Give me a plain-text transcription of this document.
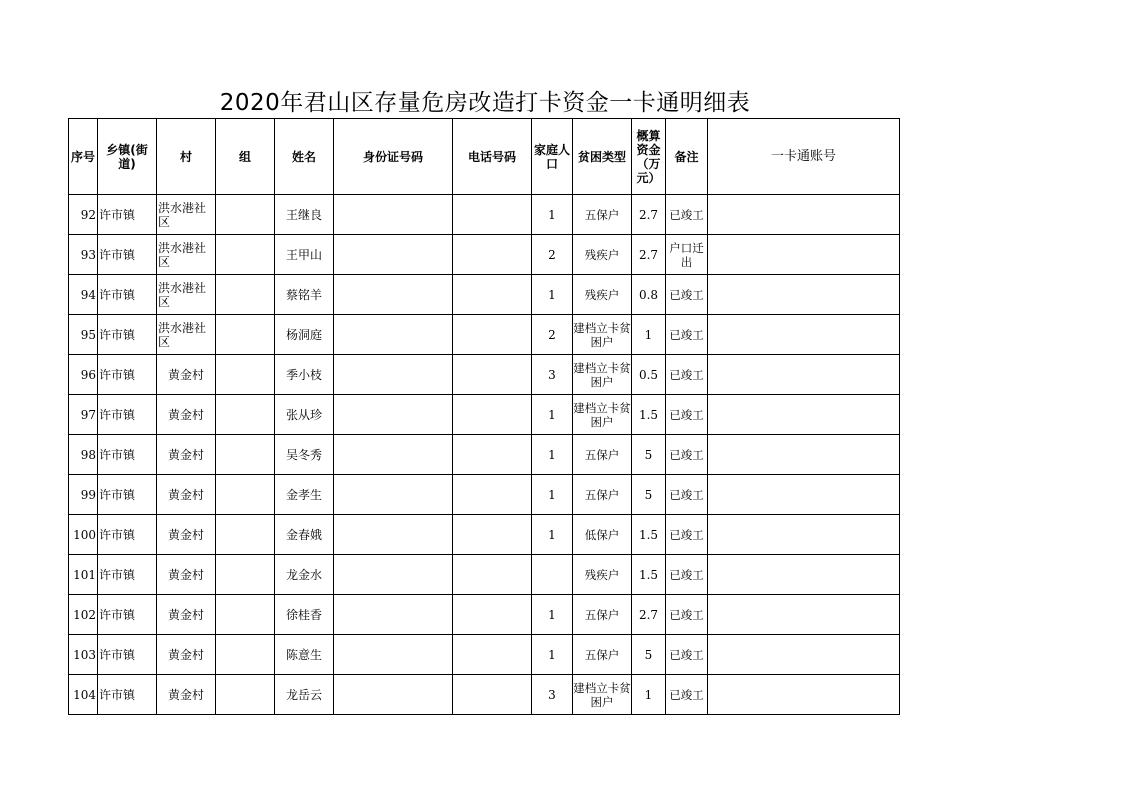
2020年君山区存量危房改造打卡资金一卡通明细表
序号	乡镇(街道)	村	组	姓名	身份证号码	电话号码	家庭人口	贫困类型	概算资金（万元）	备注	一卡通账号
92	许市镇	洪水港社区		王继良			1	五保户	2.7	已竣工	
93	许市镇	洪水港社区		王甲山			2	残疾户	2.7	户口迁出	
94	许市镇	洪水港社区		蔡铭羊			1	残疾户	0.8	已竣工	
95	许市镇	洪水港社区		杨洞庭			2	建档立卡贫困户	1	已竣工	
96	许市镇	黄金村		季小枝			3	建档立卡贫困户	0.5	已竣工	
97	许市镇	黄金村		张从珍			1	建档立卡贫困户	1.5	已竣工	
98	许市镇	黄金村		吴冬秀			1	五保户	5	已竣工	
99	许市镇	黄金村		金孝生			1	五保户	5	已竣工	
100	许市镇	黄金村		金春娥			1	低保户	1.5	已竣工	
101	许市镇	黄金村		龙金水				残疾户	1.5	已竣工	
102	许市镇	黄金村		徐桂香			1	五保户	2.7	已竣工	
103	许市镇	黄金村		陈意生			1	五保户	5	已竣工	
104	许市镇	黄金村		龙岳云			3	建档立卡贫困户	1	已竣工	
